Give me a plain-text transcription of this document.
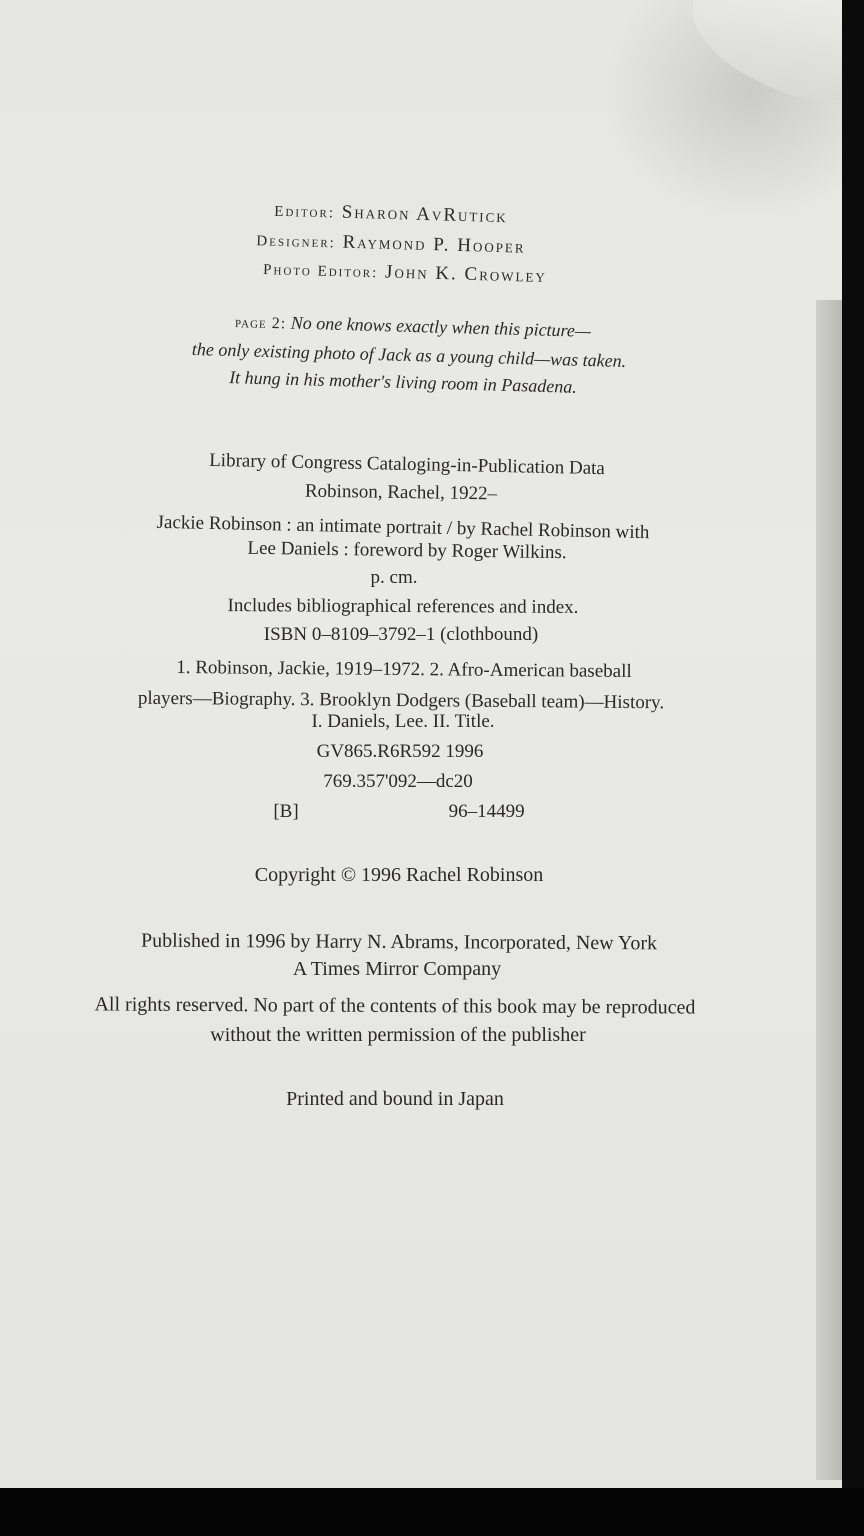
Editor: Sharon AvRutick
Designer: Raymond P. Hooper
Photo Editor: John K. Crowley
page 2: No one knows exactly when this picture—
the only existing photo of Jack as a young child—was taken.
It hung in his mother's living room in Pasadena.
Library of Congress Cataloging-in-Publication Data
Robinson, Rachel, 1922–
Jackie Robinson : an intimate portrait / by Rachel Robinson with
Lee Daniels : foreword by Roger Wilkins.
p. cm.
Includes bibliographical references and index.
ISBN 0–8109–3792–1 (clothbound)
1. Robinson, Jackie, 1919–1972. 2. Afro-American baseball
players—Biography. 3. Brooklyn Dodgers (Baseball team)—History.
I. Daniels, Lee. II. Title.
GV865.R6R592 1996
769.357'092—dc20
[B]	96–14499
Copyright © 1996 Rachel Robinson
Published in 1996 by Harry N. Abrams, Incorporated, New York
A Times Mirror Company
All rights reserved. No part of the contents of this book may be reproduced
without the written permission of the publisher
Printed and bound in Japan
